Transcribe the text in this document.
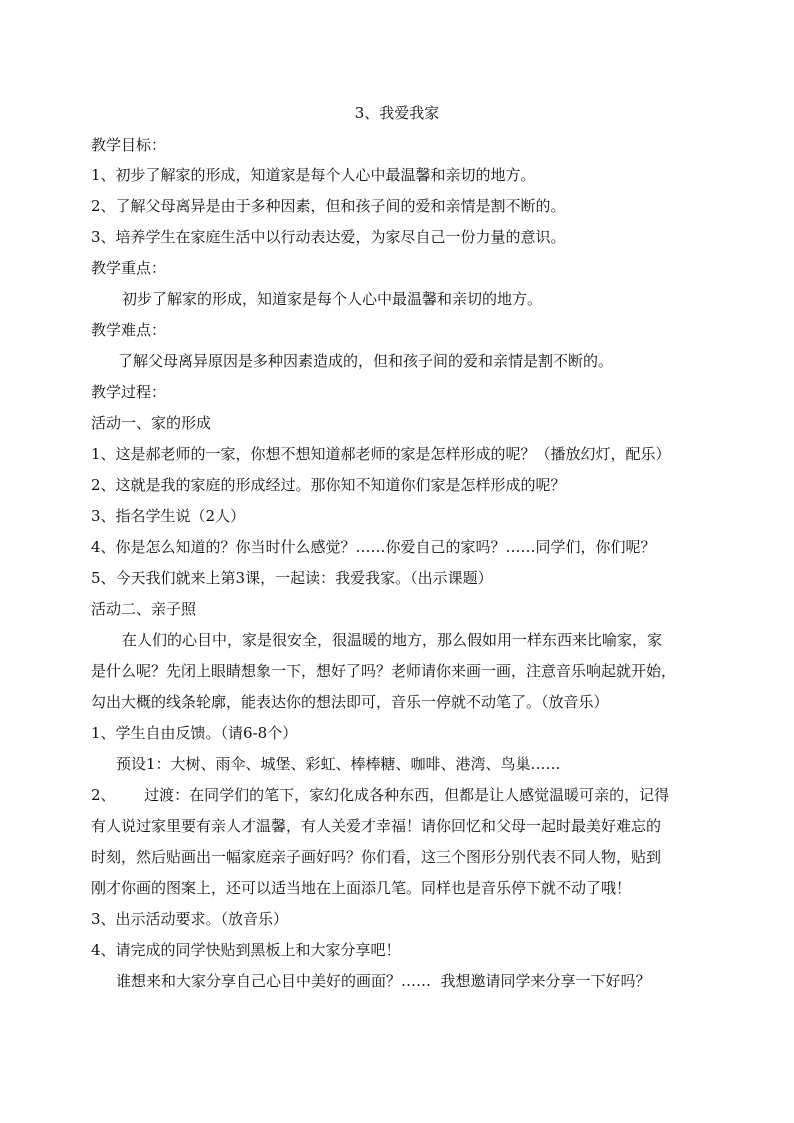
3、我爱我家
教学目标：
1、初步了解家的形成，知道家是每个人心中最温馨和亲切的地方。
2、了解父母离异是由于多种因素，但和孩子间的爱和亲情是割不断的。
3、培养学生在家庭生活中以行动表达爱，为家尽自己一份力量的意识。
教学重点：
初步了解家的形成，知道家是每个人心中最温馨和亲切的地方。
教学难点：
了解父母离异原因是多种因素造成的，但和孩子间的爱和亲情是割不断的。
教学过程：
活动一、家的形成
1、这是郝老师的一家，你想不想知道郝老师的家是怎样形成的呢？（播放幻灯，配乐）
2、这就是我的家庭的形成经过。那你知不知道你们家是怎样形成的呢？
3、指名学生说（2人）
4、你是怎么知道的？你当时什么感觉？……你爱自己的家吗？……同学们，你们呢？
5、今天我们就来上第3课，一起读：我爱我家。（出示课题）
活动二、亲子照
在人们的心目中，家是很安全，很温暖的地方，那么假如用一样东西来比喻家，家
是什么呢？先闭上眼睛想象一下，想好了吗？老师请你来画一画，注意音乐响起就开始，
勾出大概的线条轮廓，能表达你的想法即可，音乐一停就不动笔了。（放音乐）
1、学生自由反馈。（请6-8个）
预设1：大树、雨伞、城堡、彩虹、棒棒糖、咖啡、港湾、鸟巢……
2、      过渡：在同学们的笔下，家幻化成各种东西，但都是让人感觉温暖可亲的，记得
有人说过家里要有亲人才温馨，有人关爱才幸福！请你回忆和父母一起时最美好难忘的
时刻，然后贴画出一幅家庭亲子画好吗？你们看，这三个图形分别代表不同人物，贴到
刚才你画的图案上，还可以适当地在上面添几笔。同样也是音乐停下就不动了哦！
3、出示活动要求。（放音乐）
4、请完成的同学快贴到黑板上和大家分享吧！
谁想来和大家分享自己心目中美好的画面？……  我想邀请同学来分享一下好吗？
